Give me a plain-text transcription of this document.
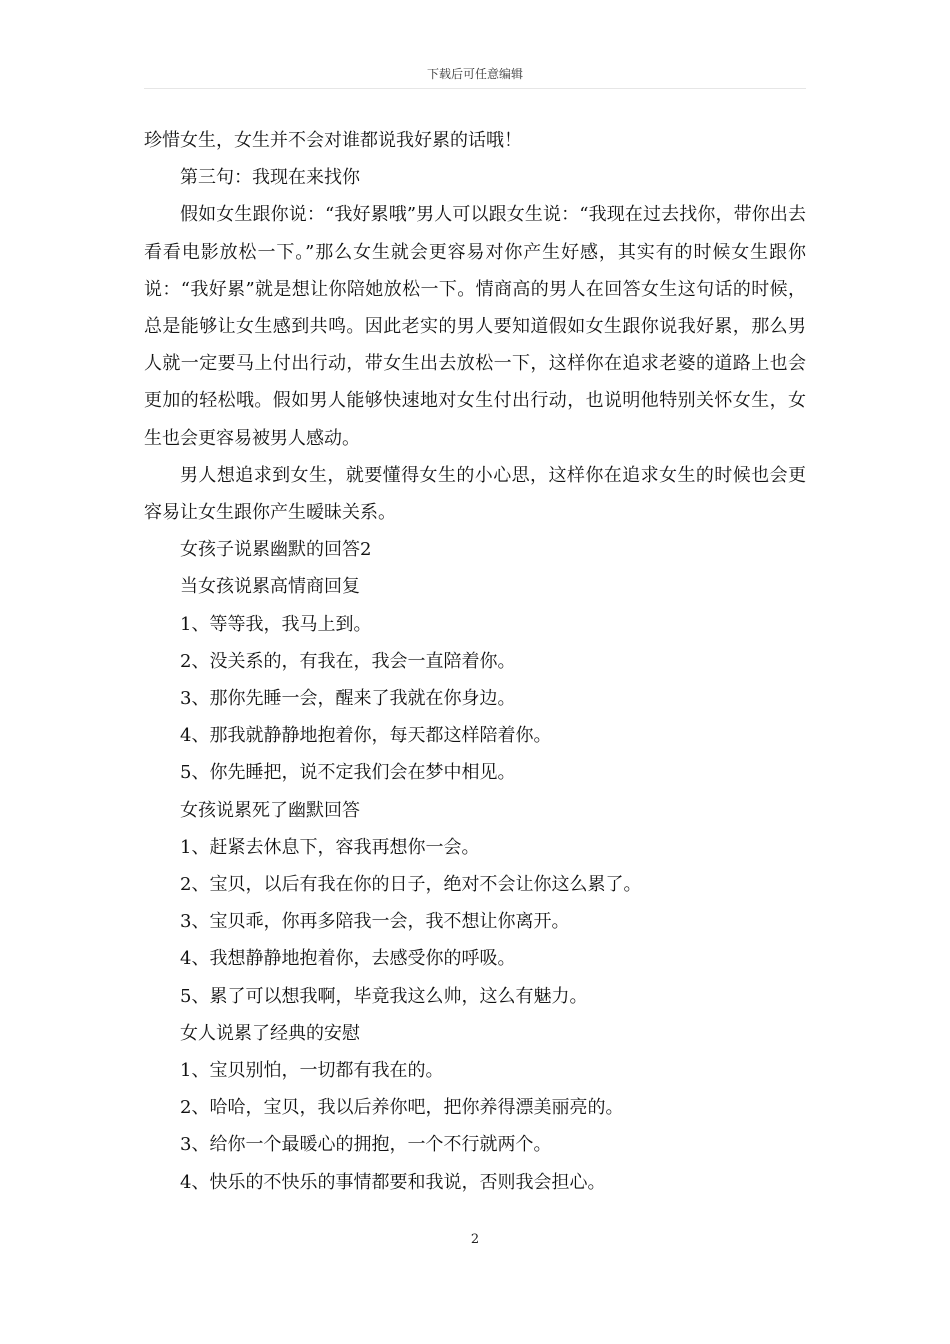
下载后可任意编辑

珍惜女生，女生并不会对谁都说我好累的话哦！

第三句：我现在来找你

假如女生跟你说：“我好累哦”男人可以跟女生说：“我现在过去找你，带你出去看看电影放松一下。”那么女生就会更容易对你产生好感，其实有的时候女生跟你说：“我好累”就是想让你陪她放松一下。情商高的男人在回答女生这句话的时候，总是能够让女生感到共鸣。因此老实的男人要知道假如女生跟你说我好累，那么男人就一定要马上付出行动，带女生出去放松一下，这样你在追求老婆的道路上也会更加的轻松哦。假如男人能够快速地对女生付出行动，也说明他特别关怀女生，女生也会更容易被男人感动。

男人想追求到女生，就要懂得女生的小心思，这样你在追求女生的时候也会更容易让女生跟你产生暧昧关系。

女孩子说累幽默的回答2

当女孩说累高情商回复

1、等等我，我马上到。

2、没关系的，有我在，我会一直陪着你。

3、那你先睡一会，醒来了我就在你身边。

4、那我就静静地抱着你，每天都这样陪着你。

5、你先睡把，说不定我们会在梦中相见。

女孩说累死了幽默回答

1、赶紧去休息下，容我再想你一会。

2、宝贝，以后有我在你的日子，绝对不会让你这么累了。

3、宝贝乖，你再多陪我一会，我不想让你离开。

4、我想静静地抱着你，去感受你的呼吸。

5、累了可以想我啊，毕竟我这么帅，这么有魅力。

女人说累了经典的安慰

1、宝贝别怕，一切都有我在的。

2、哈哈，宝贝，我以后养你吧，把你养得漂美丽亮的。

3、给你一个最暖心的拥抱，一个不行就两个。

4、快乐的不快乐的事情都要和我说，否则我会担心。

2
